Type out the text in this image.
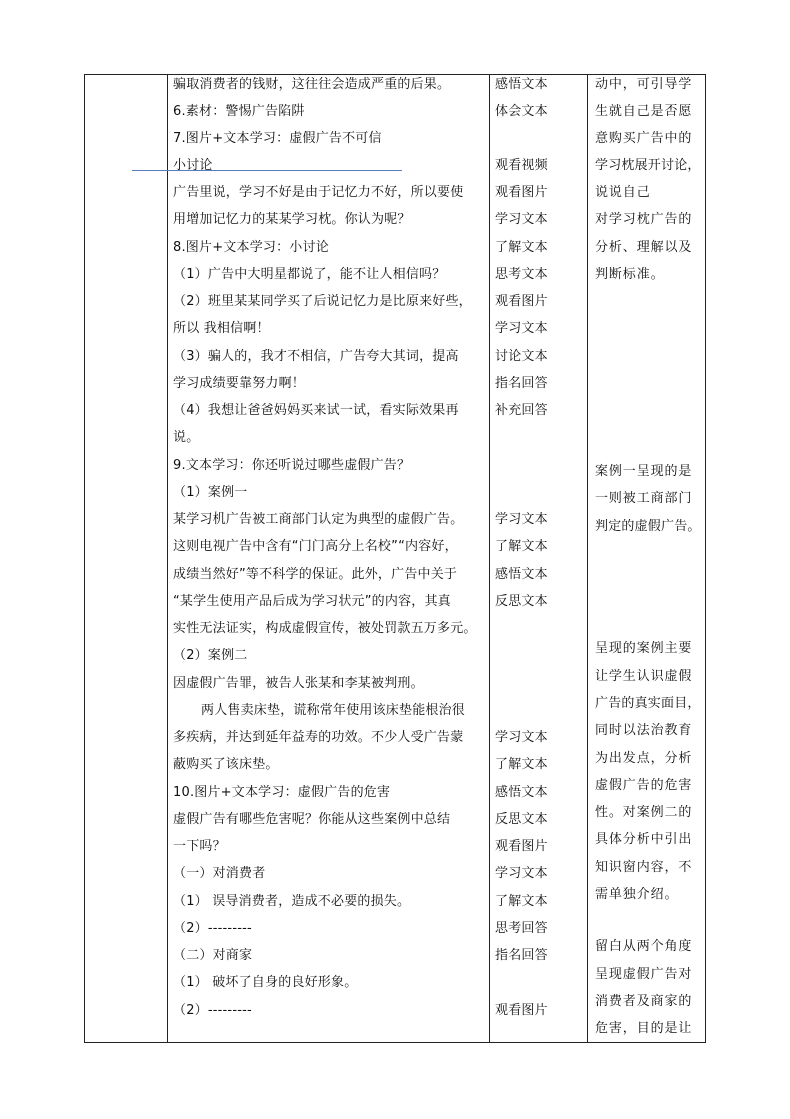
骗取消费者的钱财，这往往会造成严重的后果。
6.素材：警惕广告陷阱
7.图片+文本学习：虚假广告不可信
小讨论
广告里说，学习不好是由于记忆力不好，所以要使
用增加记忆力的某某学习枕。你认为呢？
8.图片+文本学习：小讨论
（1）广告中大明星都说了，能不让人相信吗？
（2）班里某某同学买了后说记忆力是比原来好些，
所以 我相信啊！
（3）骗人的，我才不相信，广告夸大其词，提高
学习成绩要靠努力啊！
（4）我想让爸爸妈妈买来试一试，看实际效果再
说。
9.文本学习：你还听说过哪些虚假广告？
（1）案例一
某学习机广告被工商部门认定为典型的虚假广告。
这则电视广告中含有“门门高分上名校”“内容好，
成绩当然好”等不科学的保证。此外，广告中关于
“某学生使用产品后成为学习状元”的内容，其真
实性无法证实，构成虚假宣传，被处罚款五万多元。
（2）案例二
因虚假广告罪，被告人张某和李某被判刑。
两人售卖床垫，谎称常年使用该床垫能根治很
多疾病，并达到延年益寿的功效。不少人受广告蒙
蔽购买了该床垫。
10.图片+文本学习：虚假广告的危害
虚假广告有哪些危害呢？你能从这些案例中总结
一下吗？
（一）对消费者
（1） 误导消费者，造成不必要的损失。
（2）---------
（二）对商家
（1） 破坏了自身的良好形象。
（2）---------
感悟文本
体会文本
观看视频
观看图片
学习文本
了解文本
思考文本
观看图片
学习文本
讨论文本
指名回答
补充回答
学习文本
了解文本
感悟文本
反思文本
学习文本
了解文本
感悟文本
反思文本
观看图片
学习文本
了解文本
思考回答
指名回答
观看图片
动中，可引导学
生就自己是否愿
意购买广告中的
学习枕展开讨论，
说说自己
对学习枕广告的
分析、理解以及
判断标准。
案例一呈现的是
一则被工商部门
判定的虚假广告。
呈现的案例主要
让学生认识虚假
广告的真实面目，
同时以法治教育
为出发点，分析
虚假广告的危害
性。对案例二的
具体分析中引出
知识窗内容，不
需单独介绍。
留白从两个角度
呈现虚假广告对
消费者及商家的
危害，目的是让
